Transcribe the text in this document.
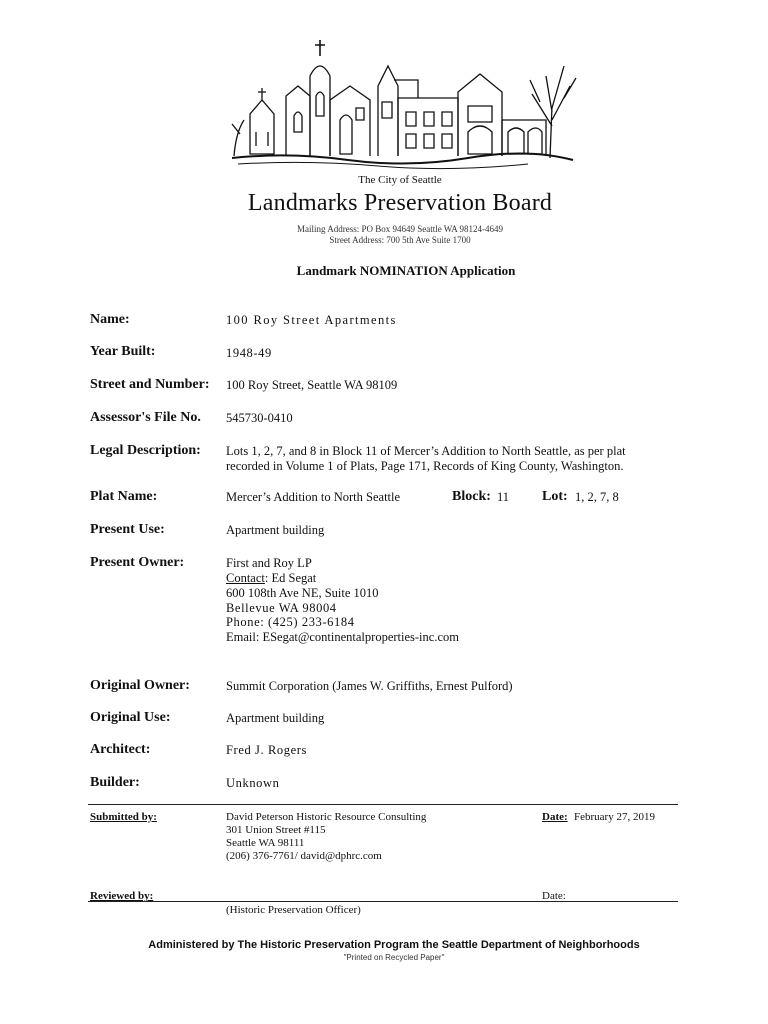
The City of Seattle
Landmarks Preservation Board
Mailing Address: PO Box 94649 Seattle WA 98124-4649
Street Address: 700 5th Ave Suite 1700
Landmark NOMINATION Application
Name:	100 Roy Street Apartments
Year Built:	1948-49
Street and Number: 100 Roy Street, Seattle WA 98109
Assessor's File No. 545730-0410
Legal Description: Lots 1, 2, 7, and 8 in Block 11 of Mercer’s Addition to North Seattle, as per plat
recorded in Volume 1 of Plats, Page 171, Records of King County, Washington.
Plat Name:	Mercer’s Addition to North Seattle	Block: 11 Lot: 1, 2, 7, 8
Present Use:	Apartment building
Present Owner:	First and Roy LP
Contact: Ed Segat
600 108th Ave NE, Suite 1010
Bellevue WA 98004
Phone: (425) 233-6184
Email: ESegat@continentalproperties-inc.com
Original Owner:	Summit Corporation (James W. Griffiths, Ernest Pulford)
Original Use:	Apartment building
Architect:	Fred J. Rogers
Builder:	Unknown
Submitted by:	David Peterson Historic Resource Consulting
301 Union Street #115
Seattle WA 98111
(206) 376-7761/ david@dphrc.com
Date: February 27, 2019
Reviewed by:	Date:
(Historic Preservation Officer)
Administered by The Historic Preservation Program the Seattle Department of Neighborhoods
"Printed on Recycled Paper"
